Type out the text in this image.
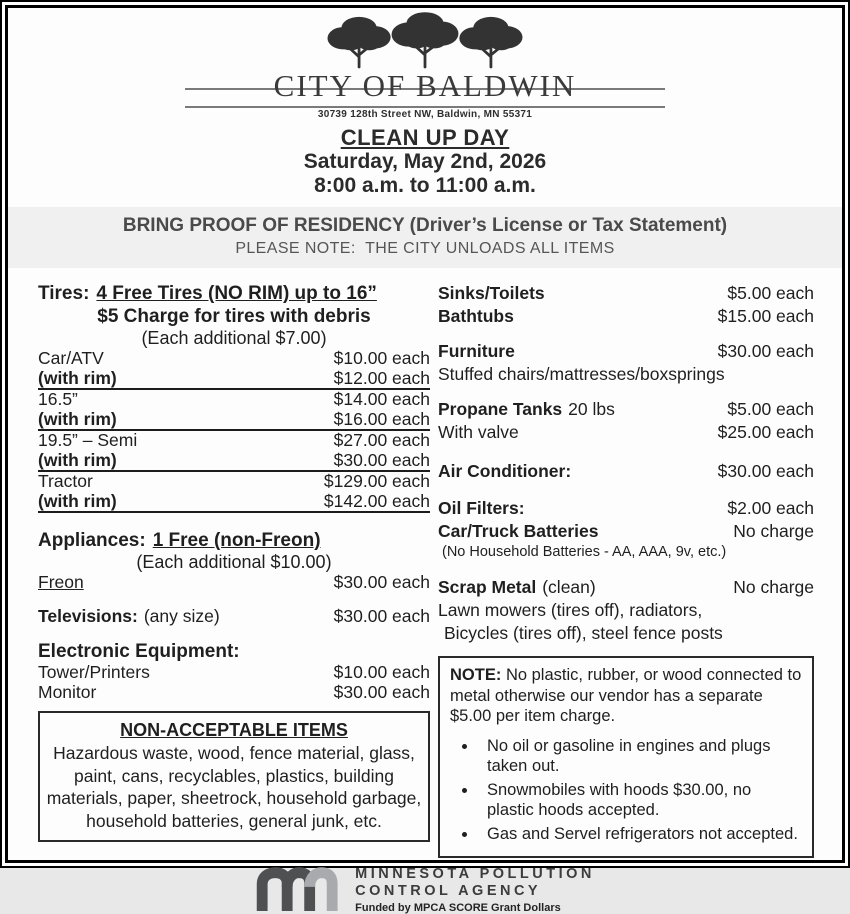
CITY OF BALDWIN
30739 128th Street NW, Baldwin, MN 55371
CLEAN UP DAY
Saturday, May 2nd, 2026
8:00 a.m. to 11:00 a.m.
BRING PROOF OF RESIDENCY (Driver’s License or Tax Statement)
PLEASE NOTE:  THE CITY UNLOADS ALL ITEMS
Tires: 4 Free Tires (NO RIM) up to 16”
$5 Charge for tires with debris
(Each additional $7.00)
Car/ATV	$10.00 each
(with rim)	$12.00 each
16.5”	$14.00 each
(with rim)	$16.00 each
19.5” – Semi	$27.00 each
(with rim)	$30.00 each
Tractor	$129.00 each
(with rim)	$142.00 each
Appliances: 1 Free (non-Freon)
(Each additional $10.00)
Freon	$30.00 each
Televisions: (any size)	$30.00 each
Electronic Equipment:
Tower/Printers	$10.00 each
Monitor	$30.00 each
NON-ACCEPTABLE ITEMS
Hazardous waste, wood, fence material, glass, paint, cans, recyclables, plastics, building materials, paper, sheetrock, household garbage, household batteries, general junk, etc.
Sinks/Toilets	$5.00 each
Bathtubs	$15.00 each
Furniture	$30.00 each
Stuffed chairs/mattresses/boxsprings
Propane Tanks 20 lbs	$5.00 each
With valve	$25.00 each
Air Conditioner:	$30.00 each
Oil Filters:	$2.00 each
Car/Truck Batteries	No charge
(No Household Batteries - AA, AAA, 9v, etc.)
Scrap Metal (clean)	No charge
Lawn mowers (tires off), radiators,
Bicycles (tires off), steel fence posts
NOTE: No plastic, rubber, or wood connected to metal otherwise our vendor has a separate $5.00 per item charge.
• No oil or gasoline in engines and plugs taken out.
• Snowmobiles with hoods $30.00, no plastic hoods accepted.
• Gas and Servel refrigerators not accepted.
MINNESOTA POLLUTION
CONTROL AGENCY
Funded by MPCA SCORE Grant Dollars
